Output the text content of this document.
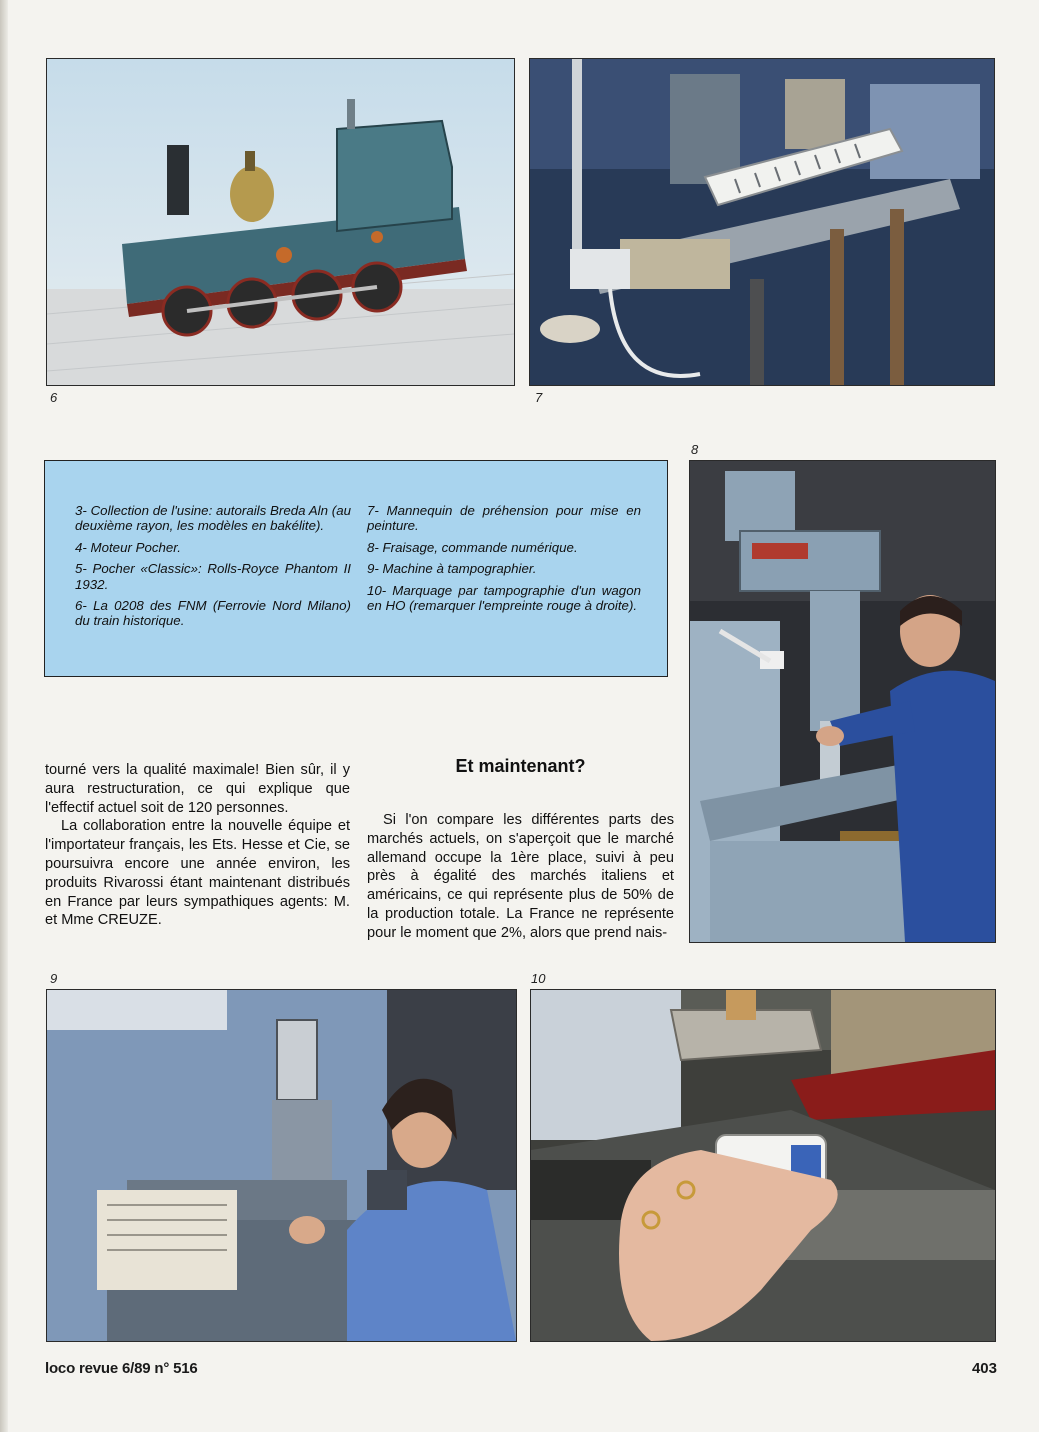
6	7
8

3- Collection de l'usine: autorails Breda Aln (au deuxième rayon, les modèles en bakélite).

4- Moteur Pocher.

5- Pocher «Classic»: Rolls-Royce Phantom II 1932.

6- La 0208 des FNM (Ferrovie Nord Milano) du train historique.

7- Mannequin de préhension pour mise en peinture.

8- Fraisage, commande numérique.

9- Machine à tampographier.

10- Marquage par tampographie d'un wagon en HO (remarquer l'empreinte rouge à droite).

tourné vers la qualité maximale! Bien sûr, il y aura restructuration, ce qui explique que l'effectif actuel soit de 120 personnes.

La collaboration entre la nouvelle équipe et l'importateur français, les Ets. Hesse et Cie, se poursuivra encore une année environ, les produits Rivarossi étant maintenant distribués en France par leurs sympathiques agents: M. et Mme CREUZE.

Et maintenant?

Si l'on compare les différentes parts des marchés actuels, on s'aperçoit que le marché allemand occupe la 1ère place, suivi à peu près à égalité des marchés italiens et américains, ce qui représente plus de 50% de la production totale. La France ne représente pour le moment que 2%, alors que prend nais-

9	10
loco revue 6/89 n° 516	403
